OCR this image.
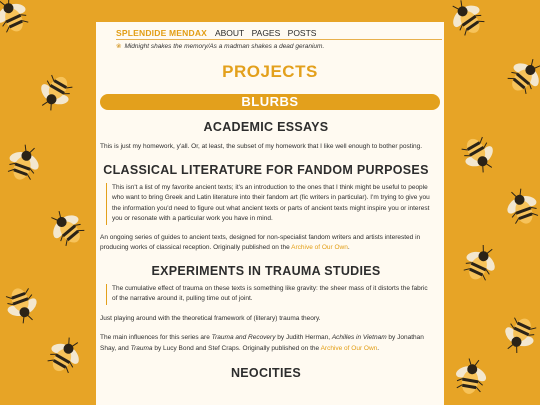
SPLENDIDE MENDAX ABOUT PAGES POSTS
❀ Midnight shakes the memory/As a madman shakes a dead geranium.
PROJECTS
BLURBS
ACADEMIC ESSAYS

This is just my homework, y'all. Or, at least, the subset of my homework that I like well enough to bother posting.

CLASSICAL LITERATURE FOR FANDOM PURPOSES
This isn't a list of my favorite ancient texts; it's an introduction to the ones that I think might be useful to people who want to bring Greek and Latin literature into their fandom art (fic writers in particular). I'm trying to give you the information you'd need to figure out what ancient texts or parts of ancient texts might inspire you or interest you or resonate with a particular work you have in mind.

An ongoing series of guides to ancient texts, designed for non-specialist fandom writers and artists interested in producing works of classical reception. Originally published on the Archive of Our Own.

EXPERIMENTS IN TRAUMA STUDIES
The cumulative effect of trauma on these texts is something like gravity: the sheer mass of it distorts the fabric of the narrative around it, pulling time out of joint.

Just playing around with the theoretical framework of (literary) trauma theory.

The main influences for this series are Trauma and Recovery by Judith Herman, Achilles in Vietnam by Jonathan Shay, and Trauma by Lucy Bond and Stef Craps. Originally published on the Archive of Our Own.

NEOCITIES
